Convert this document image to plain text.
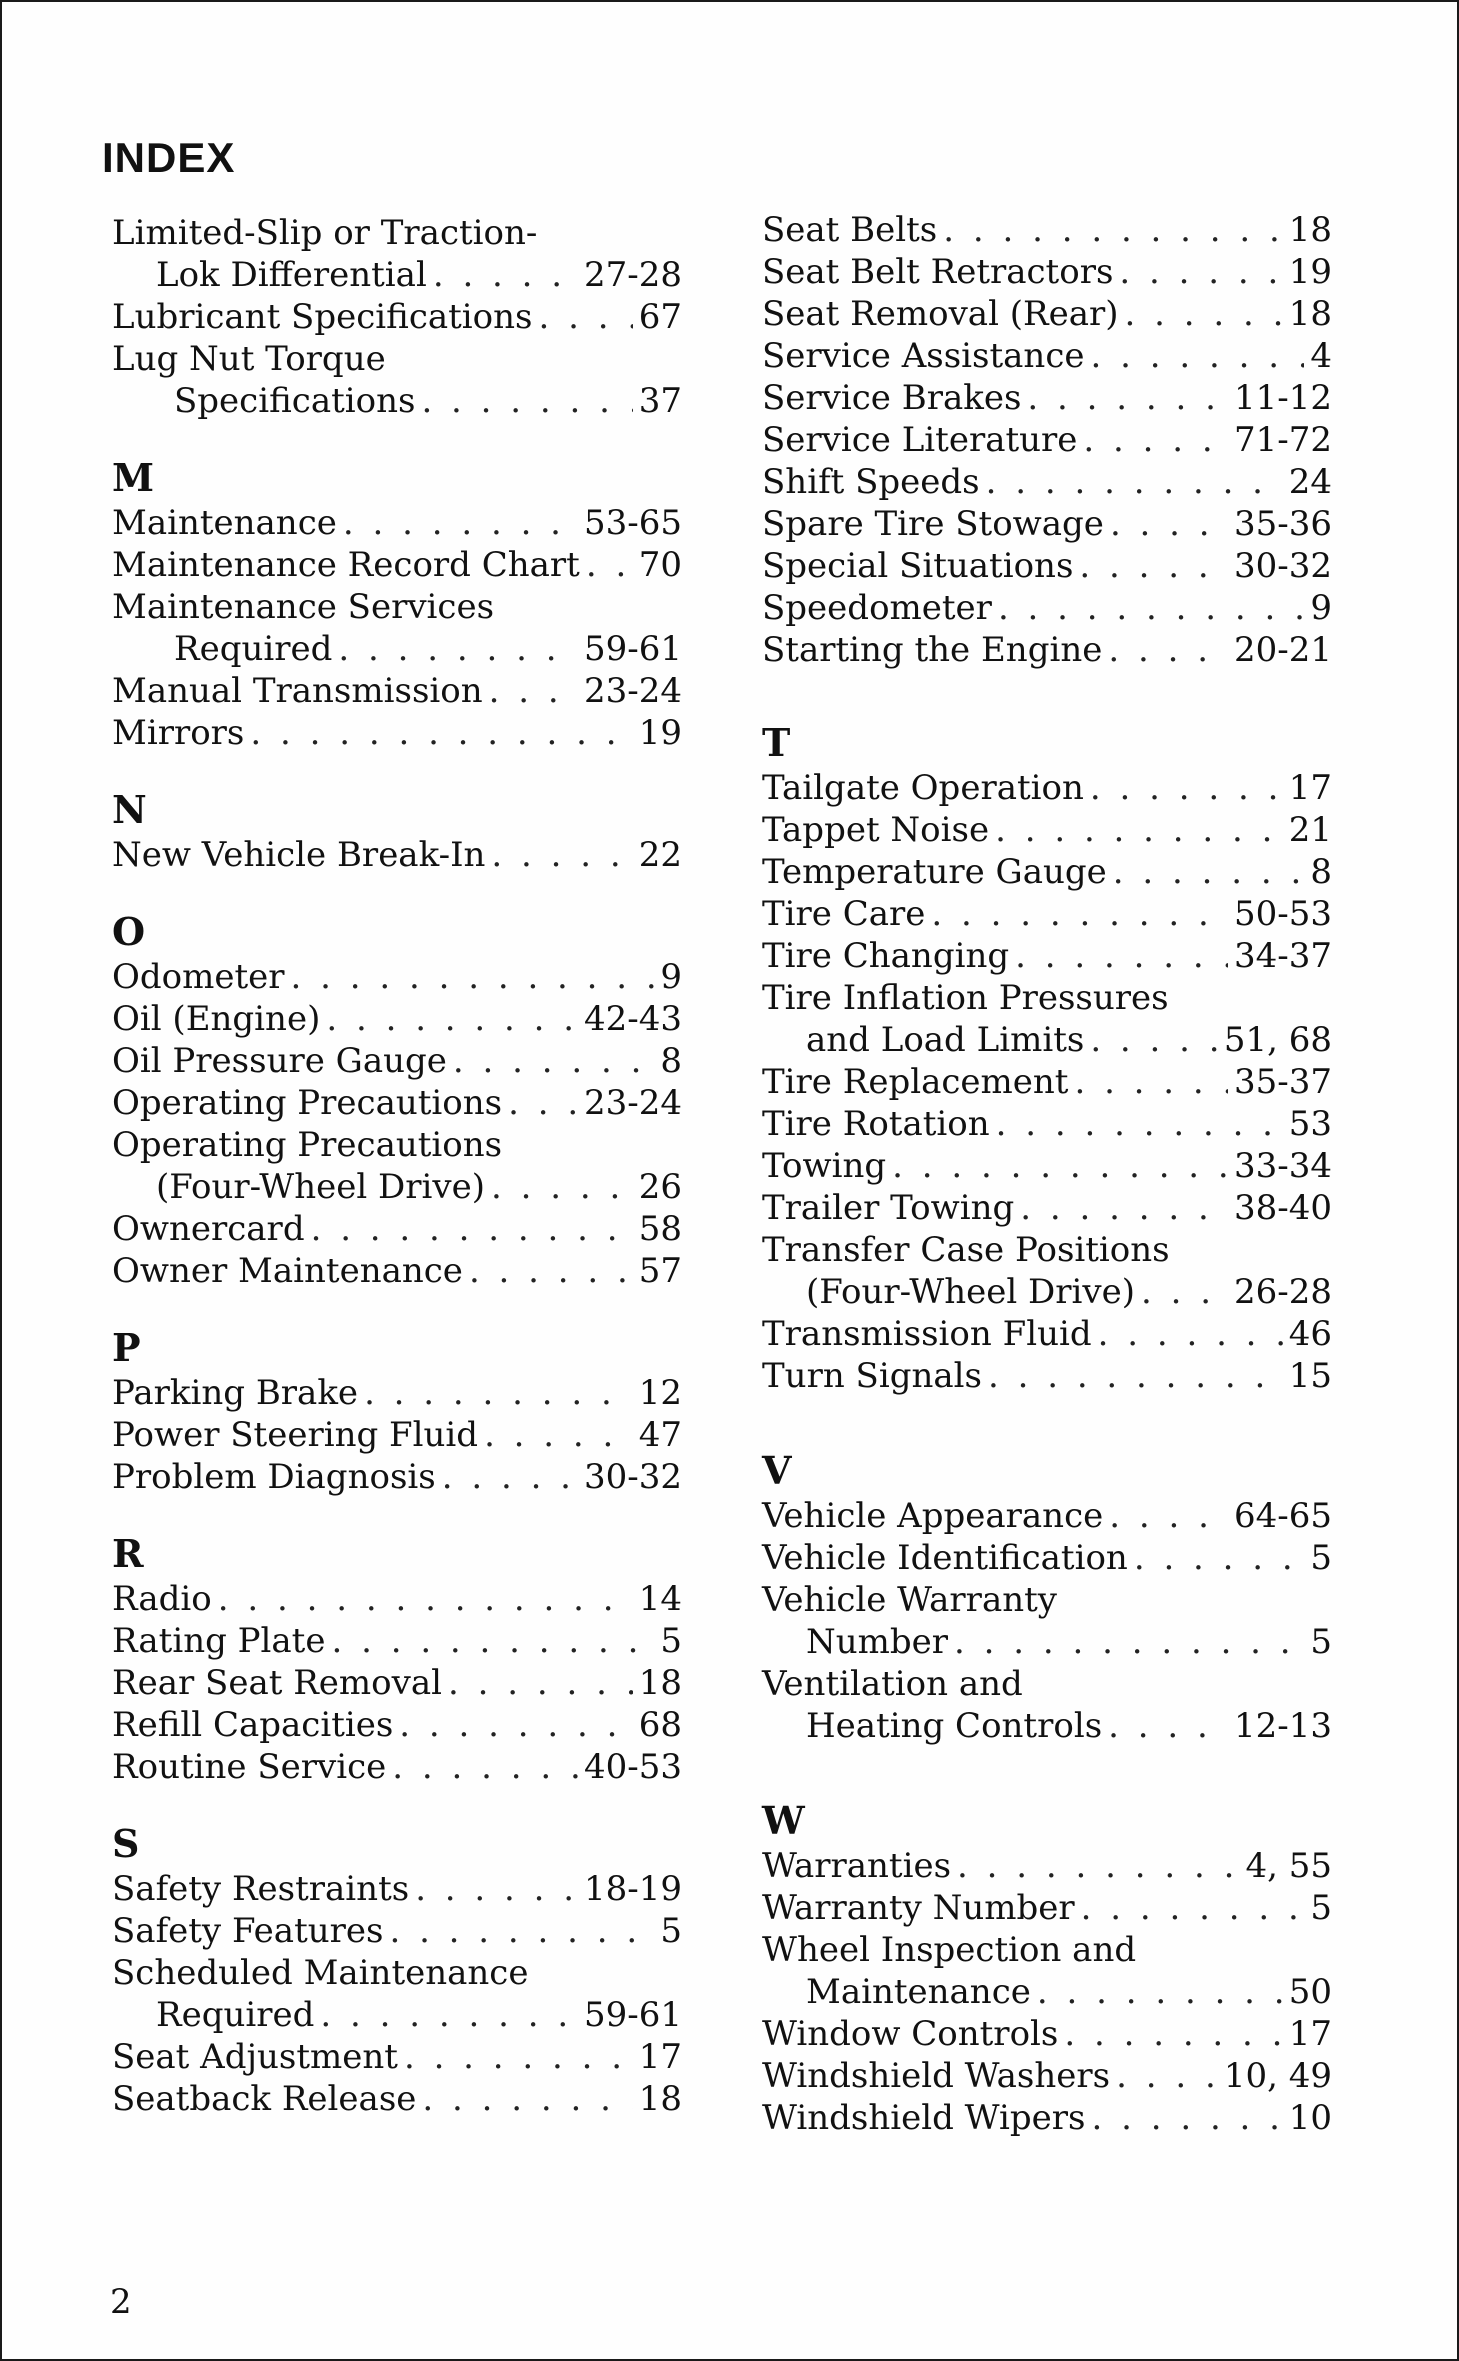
INDEX
Limited-Slip or Traction-
Lok Differential . . .	27-28
Lubricant Specifications . . .	67
Lug Nut Torque
Specifications . . .	37
M
Maintenance . . .	53-65
Maintenance Record Chart . . . 70
Maintenance Services
Required . . .	59-61
Manual Transmission . . .	23-24
Mirrors . . .	19
N
New Vehicle Break-In . . .	22
O
Odometer . . .	9
Oil (Engine) . . .	42-43
Oil Pressure Gauge . . .	8
Operating Precautions . . . 23-24
Operating Precautions
(Four-Wheel Drive) . . .	26
Ownercard . . .	58
Owner Maintenance . . .	57
P
Parking Brake . . .	12
Power Steering Fluid . . .	47
Problem Diagnosis . . .	30-32
R
Radio . . .	14
Rating Plate . . .	5
Rear Seat Removal . . .	18
Refill Capacities . . .	68
Routine Service . . .	40-53
S
Safety Restraints . . .	18-19
Safety Features . . .	5
Scheduled Maintenance
Required . . .	59-61
Seat Adjustment . . .	17
Seatback Release . . .	18
Seat Belts . . .	18
Seat Belt Retractors . . .	19
Seat Removal (Rear) . . .	18
Service Assistance . . .	4
Service Brakes . . .	11-12
Service Literature . . .	71-72
Shift Speeds . . .	24
Spare Tire Stowage . . .	35-36
Special Situations . . .	30-32
Speedometer . . .	9
Starting the Engine . . .	20-21
T
Tailgate Operation . . .	17
Tappet Noise . . .	21
Temperature Gauge . . .	8
Tire Care . . .	50-53
Tire Changing . . .	34-37
Tire Inflation Pressures
and Load Limits . . .	51, 68
Tire Replacement . . .	35-37
Tire Rotation . . .	53
Towing . . .	33-34
Trailer Towing . . .	38-40
Transfer Case Positions
(Four-Wheel Drive) . . .	26-28
Transmission Fluid . . .	46
Turn Signals . . .	15
V
Vehicle Appearance . . .	64-65
Vehicle Identification . . .	5
Vehicle Warranty
Number . . .	5
Ventilation and
Heating Controls . . .	12-13
W
Warranties . . .	4, 55
Warranty Number . . .	5
Wheel Inspection and
Maintenance . . .	50
Window Controls . . .	17
Windshield Washers . . .	10, 49
Windshield Wipers . . .	10
2
